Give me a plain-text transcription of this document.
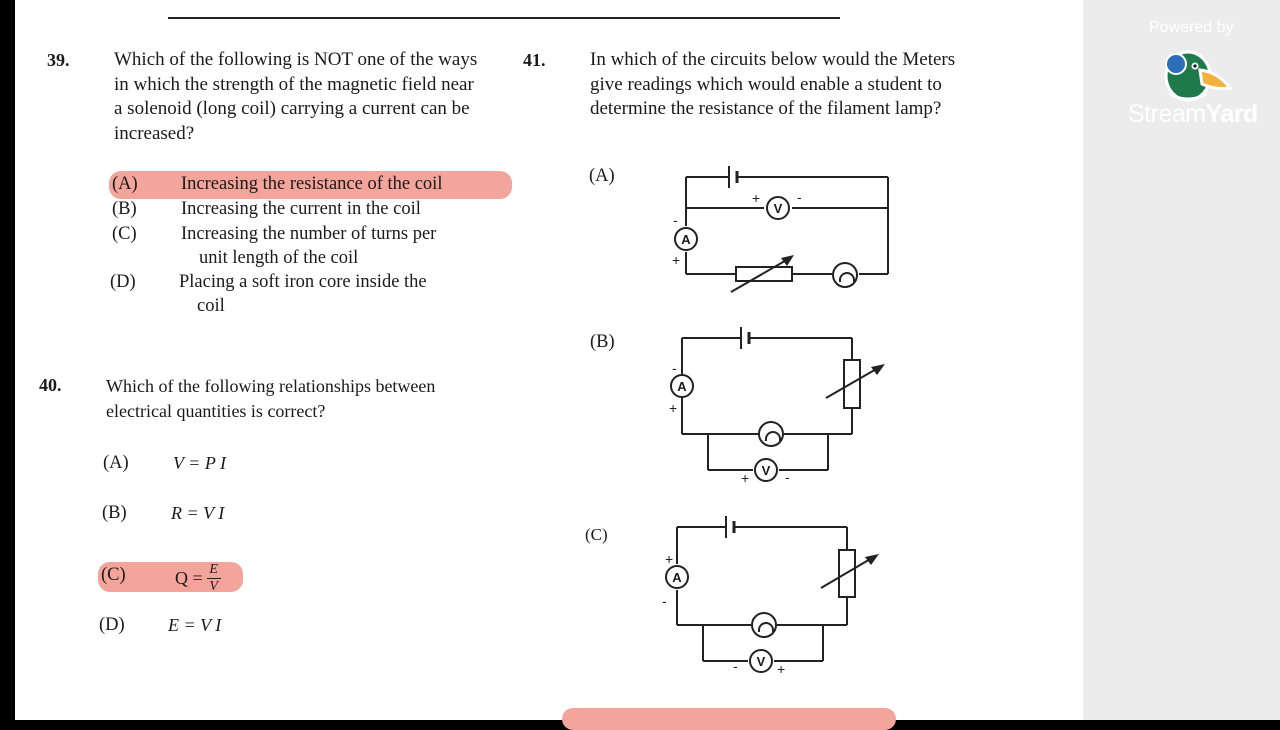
39. Which of the following is NOT one of the ways in which the strength of the magnetic field near a solenoid (long coil) carrying a current can be increased?
(A) Increasing the resistance of the coil
(B) Increasing the current in the coil
(C) Increasing the number of turns per
unit length of the coil
(D) Placing a soft iron core inside the
coil
40. Which of the following relationships between electrical quantities is correct?
(A) V = P I
(B) R = V I
(C)	$Q = \frac{E}{V}$
(D) E = V I
41. In which of the circuits below would the Meters give readings which would enable a student to determine the resistance of the filament lamp?
(A)
(B)
(C)
V
+	-
A
-
+
A
-
+
V
+	-
A
+
-
V
-	+
Powered by
StreamYard
